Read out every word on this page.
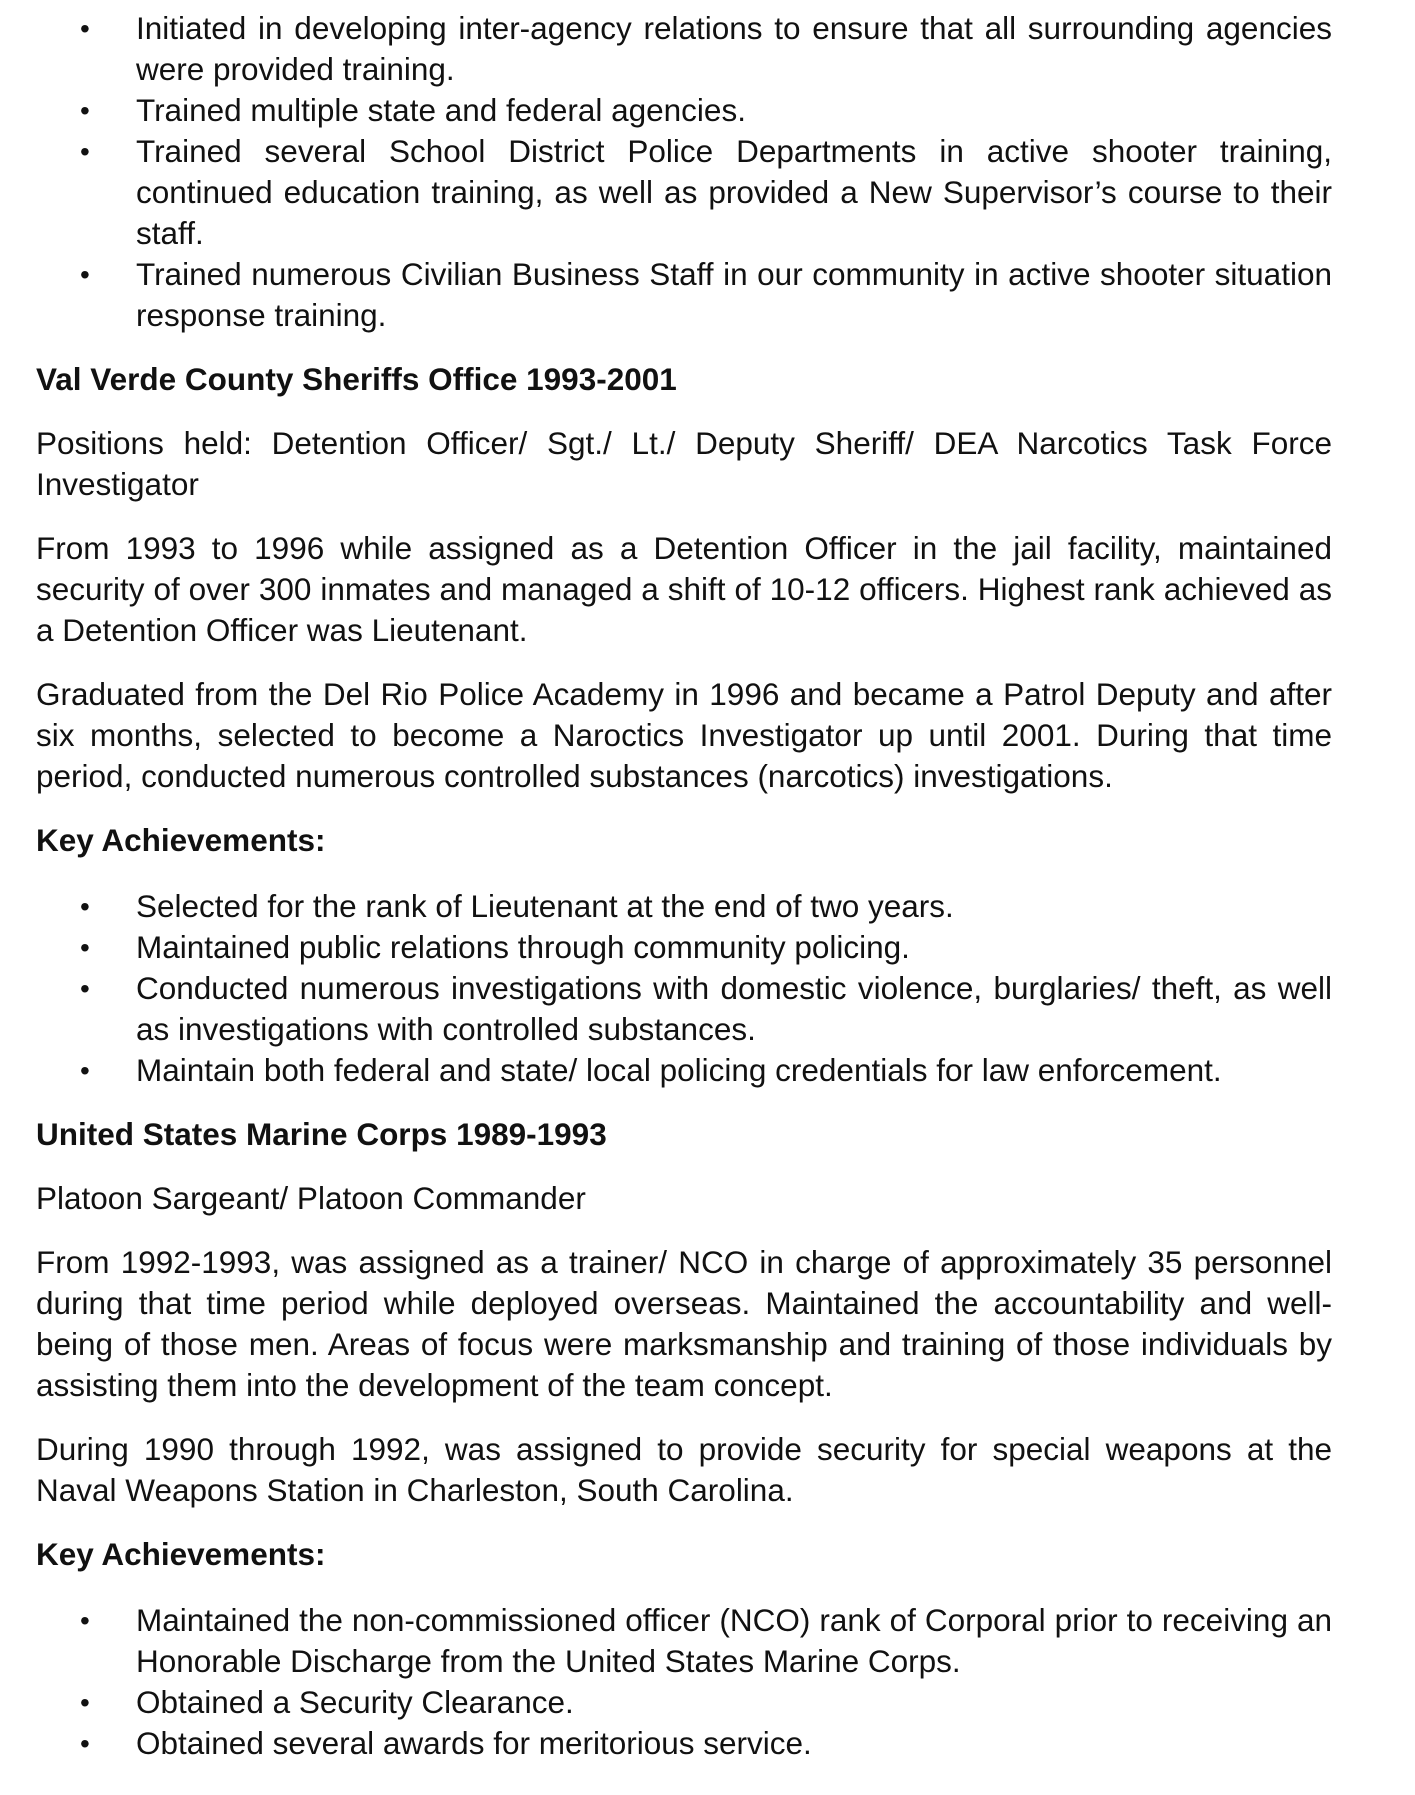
• Initiated in developing inter-agency relations to ensure that all surrounding agencies were provided training.
• Trained multiple state and federal agencies.
• Trained several School District Police Departments in active shooter training, continued education training, as well as provided a New Supervisor’s course to their staff.
• Trained numerous Civilian Business Staff in our community in active shooter situation response training.

Val Verde County Sheriffs Office 1993-2001

Positions held: Detention Officer/ Sgt./ Lt./ Deputy Sheriff/ DEA Narcotics Task Force Investigator

From 1993 to 1996 while assigned as a Detention Officer in the jail facility, maintained security of over 300 inmates and managed a shift of 10-12 officers. Highest rank achieved as a Detention Officer was Lieutenant.

Graduated from the Del Rio Police Academy in 1996 and became a Patrol Deputy and after six months, selected to become a Naroctics Investigator up until 2001. During that time period, conducted numerous controlled substances (narcotics) investigations.

Key Achievements:

• Selected for the rank of Lieutenant at the end of two years.
• Maintained public relations through community policing.
• Conducted numerous investigations with domestic violence, burglaries/ theft, as well as investigations with controlled substances.
• Maintain both federal and state/ local policing credentials for law enforcement.

United States Marine Corps 1989-1993

Platoon Sargeant/ Platoon Commander

From 1992-1993, was assigned as a trainer/ NCO in charge of approximately 35 personnel during that time period while deployed overseas. Maintained the accountability and well-being of those men. Areas of focus were marksmanship and training of those individuals by assisting them into the development of the team concept.

During 1990 through 1992, was assigned to provide security for special weapons at the Naval Weapons Station in Charleston, South Carolina.

Key Achievements:

• Maintained the non-commissioned officer (NCO) rank of Corporal prior to receiving an Honorable Discharge from the United States Marine Corps.
• Obtained a Security Clearance.
• Obtained several awards for meritorious service.
